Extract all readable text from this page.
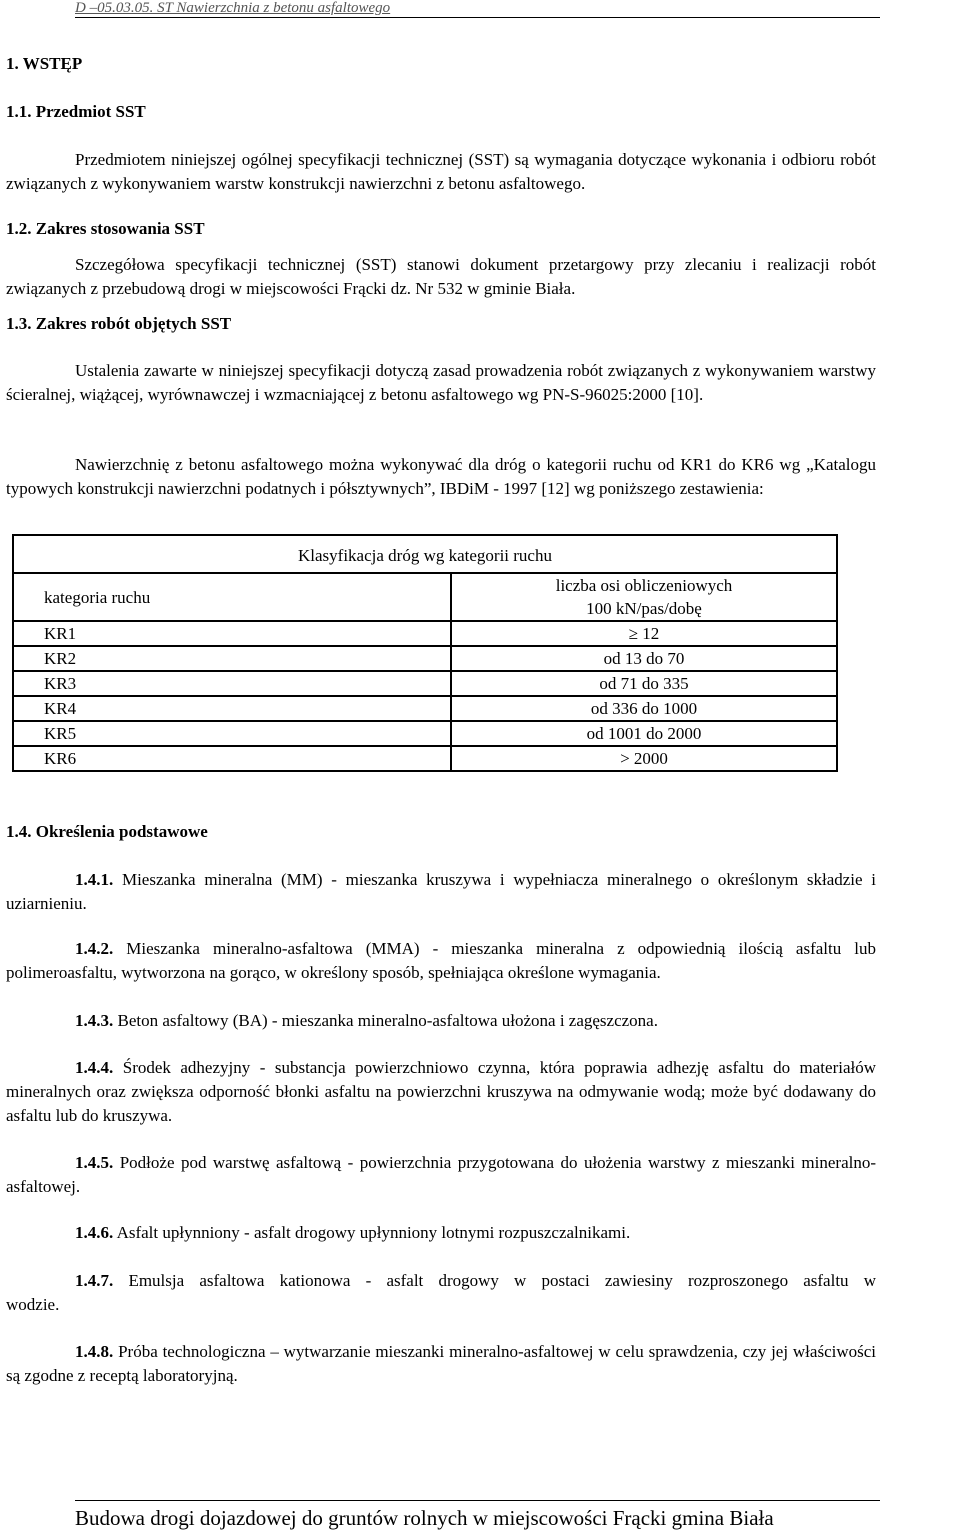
D –05.03.05. ST Nawierzchnia z betonu asfaltowego
1. WSTĘP
1.1. Przedmiot SST
Przedmiotem niniejszej ogólnej specyfikacji technicznej (SST) są wymagania dotyczące wykonania i odbioru robót związanych z wykonywaniem warstw konstrukcji nawierzchni z betonu asfaltowego.
1.2. Zakres stosowania SST
Szczegółowa specyfikacji technicznej (SST) stanowi dokument przetargowy przy zlecaniu i realizacji robót związanych z przebudową drogi w miejscowości Frącki dz. Nr 532 w gminie Biała.
1.3. Zakres robót objętych SST
Ustalenia zawarte w niniejszej specyfikacji dotyczą zasad prowadzenia robót związanych z wykonywaniem warstwy ścieralnej, wiążącej, wyrównawczej i wzmacniającej z betonu asfaltowego wg PN-S-96025:2000 [10].
Nawierzchnię z betonu asfaltowego można wykonywać dla dróg o kategorii ruchu od KR1 do KR6 wg „Katalogu typowych konstrukcji nawierzchni podatnych i półsztywnych”, IBDiM - 1997 [12] wg poniższego zestawienia:
Klasyfikacja dróg wg kategorii ruchu	
kategoria ruchu	liczba osi obliczeniowych
100 kN/pas/dobę

KR1	≥ 12
KR2	od 13 do 70
KR3	od 71 do 335
KR4	od 336 do 1000
KR5	od 1001 do 2000
KR6	> 2000
1.4. Określenia podstawowe
1.4.1. Mieszanka mineralna (MM) - mieszanka kruszywa i wypełniacza mineralnego o określonym składzie i uziarnieniu.
1.4.2. Mieszanka mineralno-asfaltowa (MMA) - mieszanka mineralna z odpowiednią ilością asfaltu lub polimeroasfaltu, wytworzona na gorąco, w określony sposób, spełniająca określone wymagania.
1.4.3. Beton asfaltowy (BA) - mieszanka mineralno-asfaltowa ułożona i zagęszczona.
1.4.4. Środek adhezyjny - substancja powierzchniowo czynna, która poprawia adhezję asfaltu do materiałów mineralnych oraz zwiększa odporność błonki asfaltu na powierzchni kruszywa na odmywanie wodą; może być dodawany do asfaltu lub do kruszywa.
1.4.5. Podłoże pod warstwę asfaltową - powierzchnia przygotowana do ułożenia warstwy z mieszanki mineralno-asfaltowej.
1.4.6. Asfalt upłynniony - asfalt drogowy upłynniony lotnymi rozpuszczalnikami.
1.4.7. Emulsja asfaltowa kationowa - asfalt drogowy w postaci zawiesiny rozproszonego asfaltu w
wodzie.
1.4.8. Próba technologiczna – wytwarzanie mieszanki mineralno-asfaltowej w celu sprawdzenia, czy jej właściwości są zgodne z receptą laboratoryjną.
Budowa drogi dojazdowej do gruntów rolnych w miejscowości Frącki gmina Biała
